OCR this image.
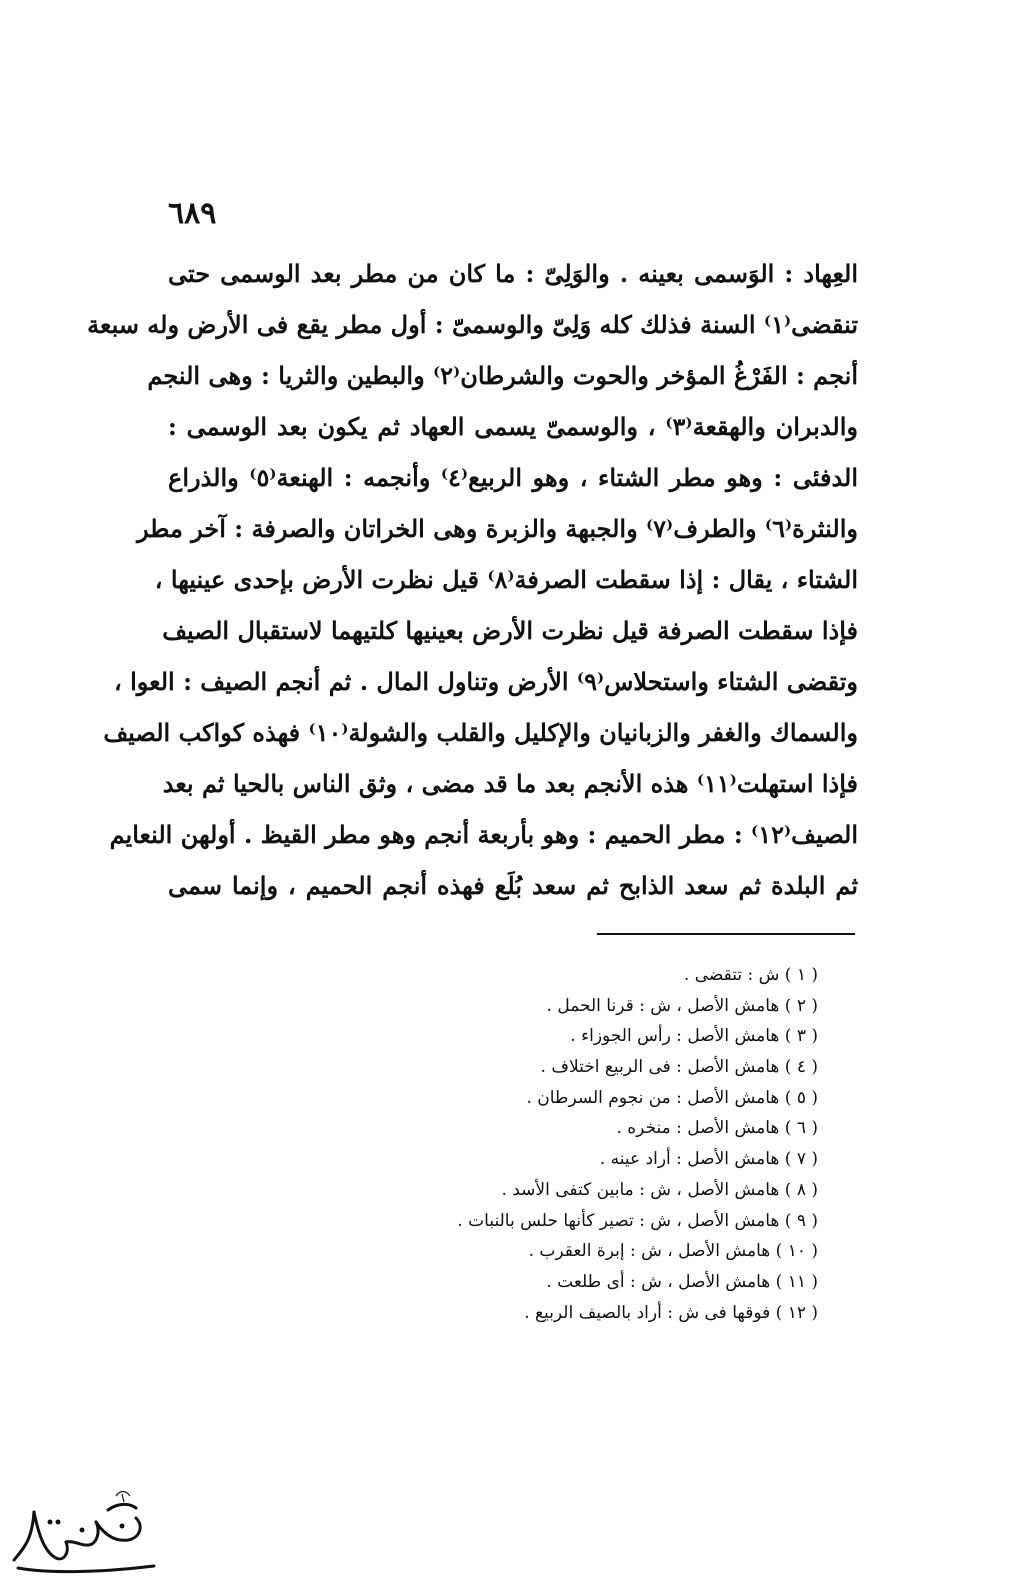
٦٨٩
العِهاد : الوَسمى بعينه . والوَلِىّ : ما كان من مطر بعد الوسمى حتى
تنقضى⁽١⁾ السنة فذلك كله وَلِىّ والوسمىّ : أول مطر يقع فى الأرض وله سبعة
أنجم : الفَرْغُ المؤخر والحوت والشرطان⁽٢⁾ والبطين والثريا : وهى النجم
والدبران والهقعة⁽٣⁾ ، والوسمىّ يسمى العهاد ثم يكون بعد الوسمى :
الدفئى : وهو مطر الشتاء ، وهو الربيع⁽٤⁾ وأنجمه : الهنعة⁽٥⁾ والذراع
والنثرة⁽٦⁾ والطرف⁽٧⁾ والجبهة والزبرة وهى الخراتان والصرفة : آخر مطر
الشتاء ، يقال : إذا سقطت الصرفة⁽٨⁾ قيل نظرت الأرض بإحدى عينيها ،
فإذا سقطت الصرفة قيل نظرت الأرض بعينيها كلتيهما لاستقبال الصيف
وتقضى الشتاء واستحلاس⁽٩⁾ الأرض وتناول المال . ثم أنجم الصيف : العوا ،
والسماك والغفر والزبانيان والإكليل والقلب والشولة⁽١٠⁾ فهذه كواكب الصيف
فإذا استهلت⁽١١⁾ هذه الأنجم بعد ما قد مضى ، وثق الناس بالحيا ثم بعد
الصيف⁽١٢⁾ : مطر الحميم : وهو بأربعة أنجم وهو مطر القيظ . أولهن النعايم
ثم البلدة ثم سعد الذابح ثم سعد بُلَع فهذه أنجم الحميم ، وإنما سمى
( ١ ) ش : تتقضى .
( ٢ ) هامش الأصل ، ش : قرنا الحمل .
( ٣ ) هامش الأصل : رأس الجوزاء .
( ٤ ) هامش الأصل : فى الربيع اختلاف .
( ٥ ) هامش الأصل : من نجوم السرطان .
( ٦ ) هامش الأصل : منخره .
( ٧ ) هامش الأصل : أراد عينه .
( ٨ ) هامش الأصل ، ش : مابين كتفى الأسد .
( ٩ ) هامش الأصل ، ش : تصير كأنها حلس بالنبات .
( ١٠ ) هامش الأصل ، ش : إبرة العقرب .
( ١١ ) هامش الأصل ، ش : أى طلعت .
( ١٢ ) فوقها فى ش : أراد بالصيف الربيع .
